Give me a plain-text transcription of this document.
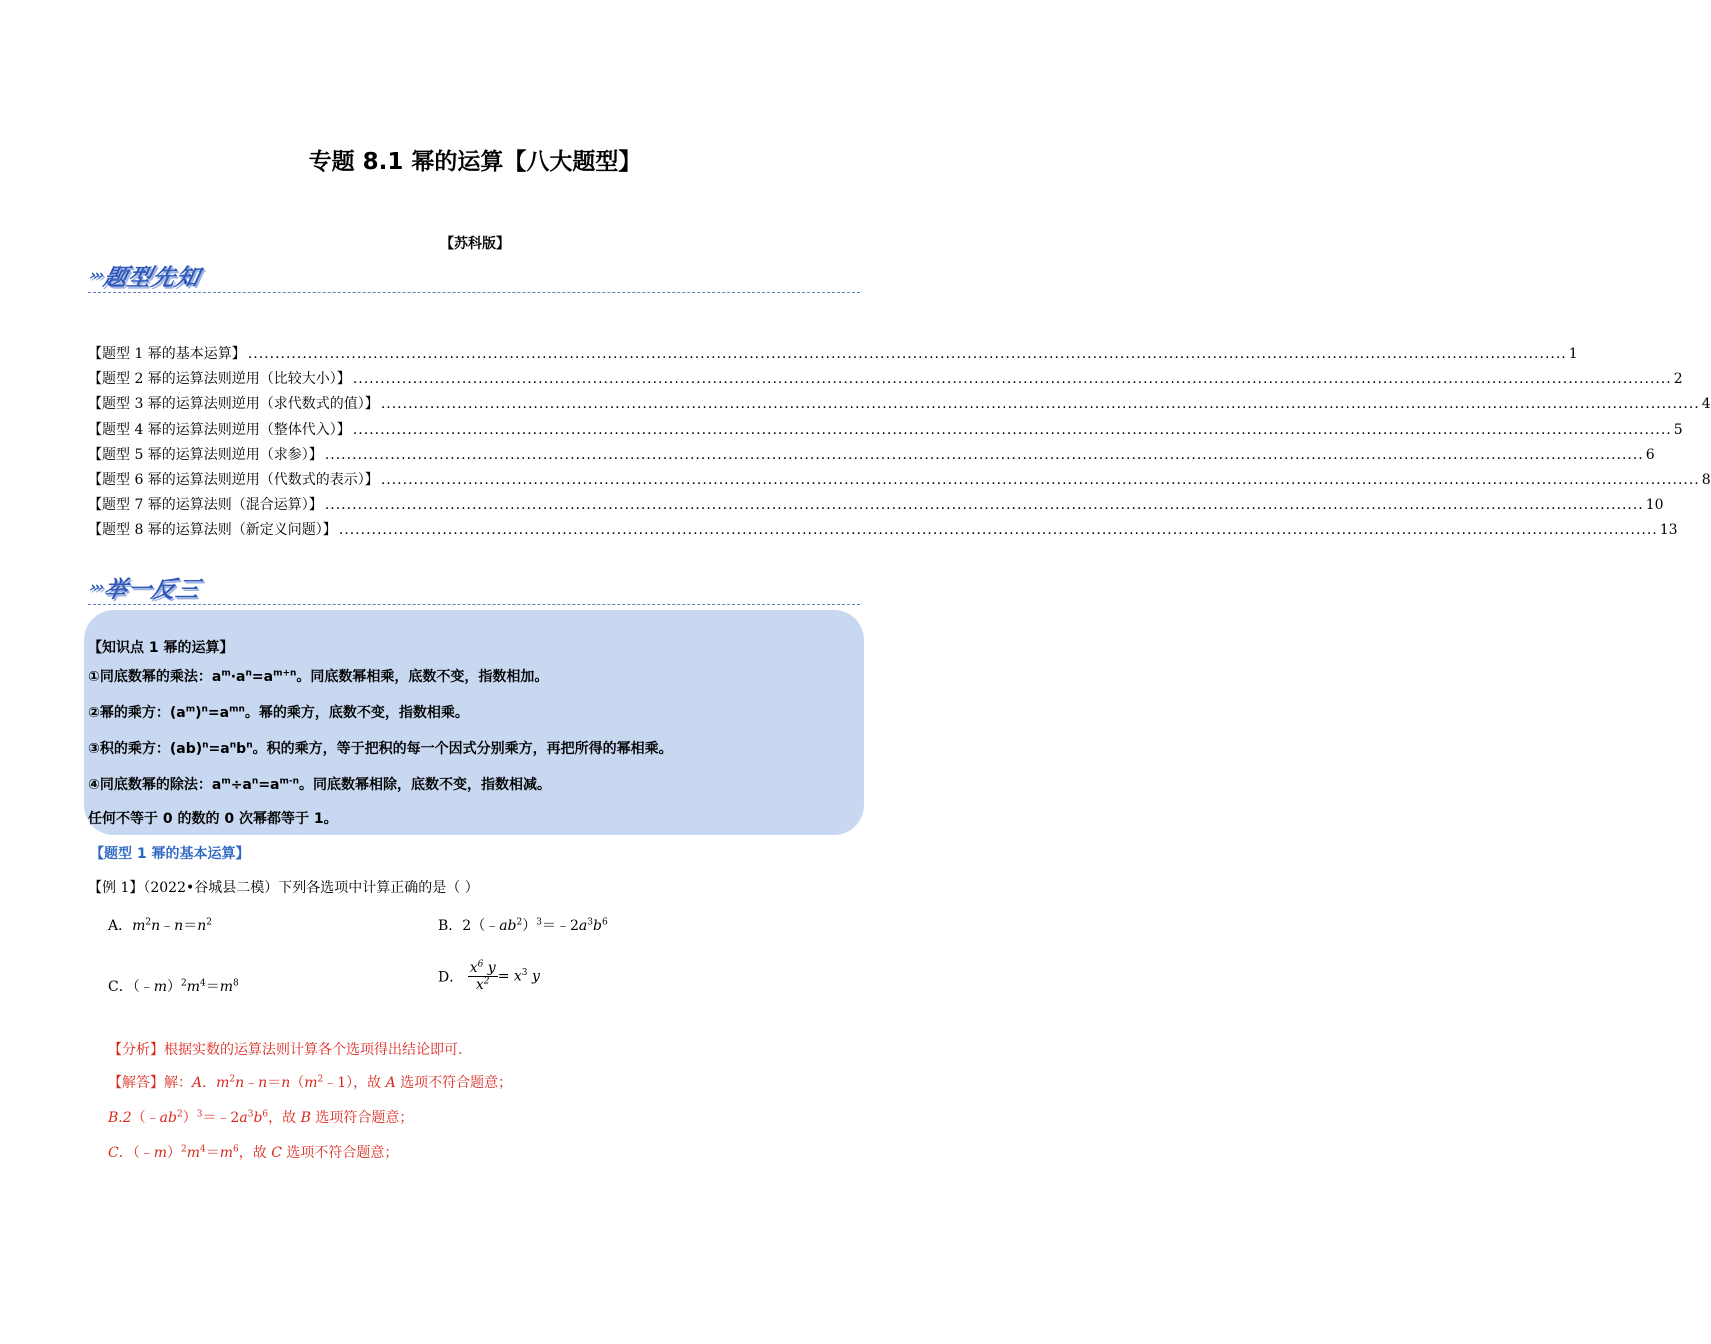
专题 8.1 幂的运算【八大题型】
【苏科版】
›››
题型先知
【题型 1 幂的基本运算】 .................................................................................................................................................................................................................................................. 1
【题型 2 幂的运算法则逆用（比较大小）】 .................................................................................................................................................................................................................................................. 2
【题型 3 幂的运算法则逆用（求代数式的值）】 .................................................................................................................................................................................................................................................. 4
【题型 4 幂的运算法则逆用（整体代入）】 .................................................................................................................................................................................................................................................. 5
【题型 5 幂的运算法则逆用（求参）】 .................................................................................................................................................................................................................................................. 6
【题型 6 幂的运算法则逆用（代数式的表示）】 .................................................................................................................................................................................................................................................. 8
【题型 7 幂的运算法则（混合运算）】 .................................................................................................................................................................................................................................................. 10
【题型 8 幂的运算法则（新定义问题）】 .................................................................................................................................................................................................................................................. 13
›››
举一反三
【知识点 1 幂的运算】
①同底数幂的乘法：$a^m\cdot a^n=a^{m+n}$。同底数幂相乘，底数不变，指数相加。
②幂的乘方：$(a^m)^n=a^{mn}$。幂的乘方，底数不变，指数相乘。
③积的乘方：$(ab)^n=a^nb^n$。积的乘方，等于把积的每一个因式分别乘方，再把所得的幂相乘。
④同底数幂的除法：$a^m\div a^n=a^{m-n}$。同底数幂相除，底数不变，指数相减。
任何不等于 0 的数的 0 次幂都等于 1。
【题型 1 幂的基本运算】
【例 1】（2022•谷城县二模）下列各选项中计算正确的是（ ）
A．$m^2n﹣n=n^2$	B．$2(﹣ab^2)^3=﹣2a^3b^6$
C．$(﹣m)^2m^4=m^8$	D． $\frac{x^6 y}{x^2} = x^3$ y
【分析】根据实数的运算法则计算各个选项得出结论即可.
【解答】解：A．$m^2n﹣n=n(m^2﹣1)$，故 A 选项不符合题意；
$B.2(﹣ab^2)^3=﹣2a^3b^6$，故 B 选项符合题意；
C．$(﹣m)^2m^4=m^6$，故 C 选项不符合题意；
